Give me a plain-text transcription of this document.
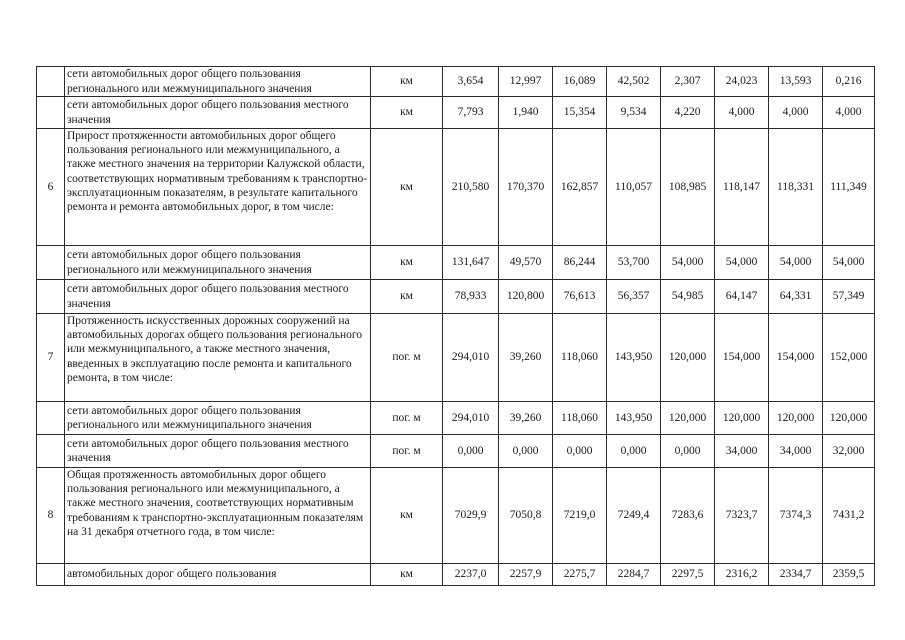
	сети автомобильных дорог общего пользования регионального или межмуниципального значения	км	3,654	12,997	16,089	42,502	2,307	24,023	13,593	0,216
	сети автомобильных дорог общего пользования местного значения	км	7,793	1,940	15,354	9,534	4,220	4,000	4,000	4,000
6	Прирост протяженности автомобильных дорог общего пользования регионального или межмуниципального, а также местного значения на территории Калужской области, соответствующих нормативным требованиям к транспортно-эксплуатационным показателям, в результате капитального ремонта и ремонта автомобильных дорог, в том числе:	км	210,580	170,370	162,857	110,057	108,985	118,147	118,331	111,349
	сети автомобильных дорог общего пользования регионального или межмуниципального значения	км	131,647	49,570	86,244	53,700	54,000	54,000	54,000	54,000
	сети автомобильных дорог общего пользования местного значения	км	78,933	120,800	76,613	56,357	54,985	64,147	64,331	57,349
7	Протяженность искусственных дорожных сооружений на автомобильных дорогах общего пользования регионального или межмуниципального, а также местного значения, введенных в эксплуатацию после ремонта и капитального ремонта, в том числе:	пог. м	294,010	39,260	118,060	143,950	120,000	154,000	154,000	152,000
	сети автомобильных дорог общего пользования регионального или межмуниципального значения	пог. м	294,010	39,260	118,060	143,950	120,000	120,000	120,000	120,000
	сети автомобильных дорог общего пользования местного значения	пог. м	0,000	0,000	0,000	0,000	0,000	34,000	34,000	32,000
8	Общая протяженность автомобильных дорог общего пользования регионального или межмуниципального, а также местного значения, соответствующих нормативным требованиям к транспортно-эксплуатационным показателям на 31 декабря отчетного года, в том числе:	км	7029,9	7050,8	7219,0	7249,4	7283,6	7323,7	7374,3	7431,2
	автомобильных дорог общего пользования	км	2237,0	2257,9	2275,7	2284,7	2297,5	2316,2	2334,7	2359,5
